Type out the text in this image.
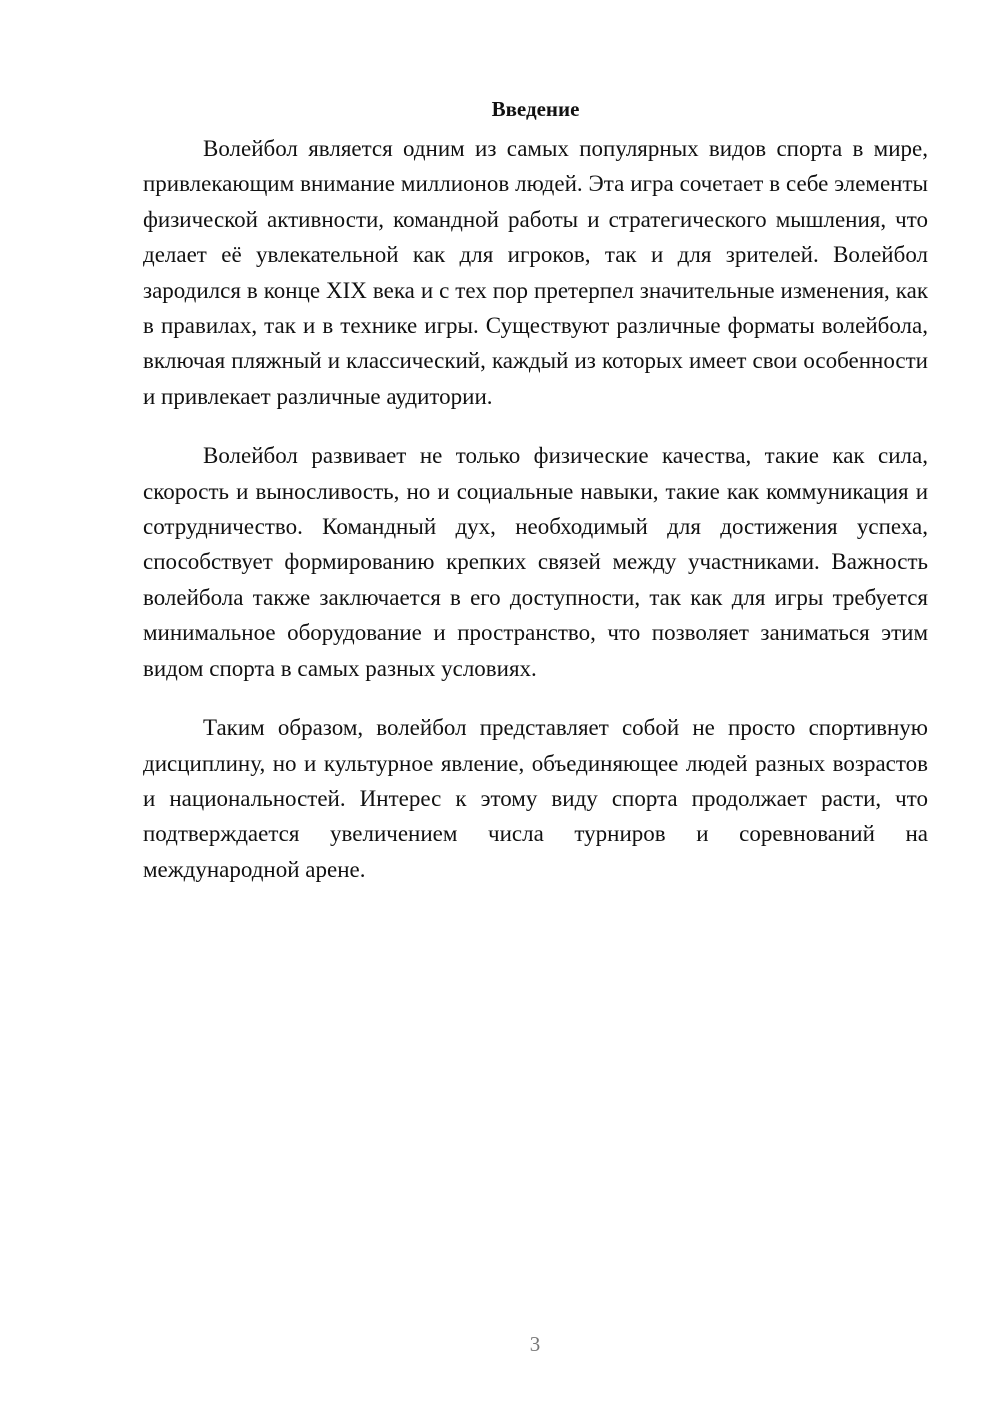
Введение

Волейбол является одним из самых популярных видов спорта в мире, привлекающим внимание миллионов людей. Эта игра сочетает в себе элементы физической активности, командной работы и стратегического мышления, что делает её увлекательной как для игроков, так и для зрителей. Волейбол зародился в конце XIX века и с тех пор претерпел значительные изменения, как в правилах, так и в технике игры. Существуют различные форматы волейбола, включая пляжный и классический, каждый из которых имеет свои особенности и привлекает различные аудитории.

Волейбол развивает не только физические качества, такие как сила, скорость и выносливость, но и социальные навыки, такие как коммуникация и сотрудничество. Командный дух, необходимый для достижения успеха, способствует формированию крепких связей между участниками. Важность волейбола также заключается в его доступности, так как для игры требуется минимальное оборудование и пространство, что позволяет заниматься этим видом спорта в самых разных условиях.

Таким образом, волейбол представляет собой не просто спортивную дисциплину, но и культурное явление, объединяющее людей разных возрастов и национальностей. Интерес к этому виду спорта продолжает расти, что подтверждается увеличением числа турниров и соревнований на международной арене.

3
